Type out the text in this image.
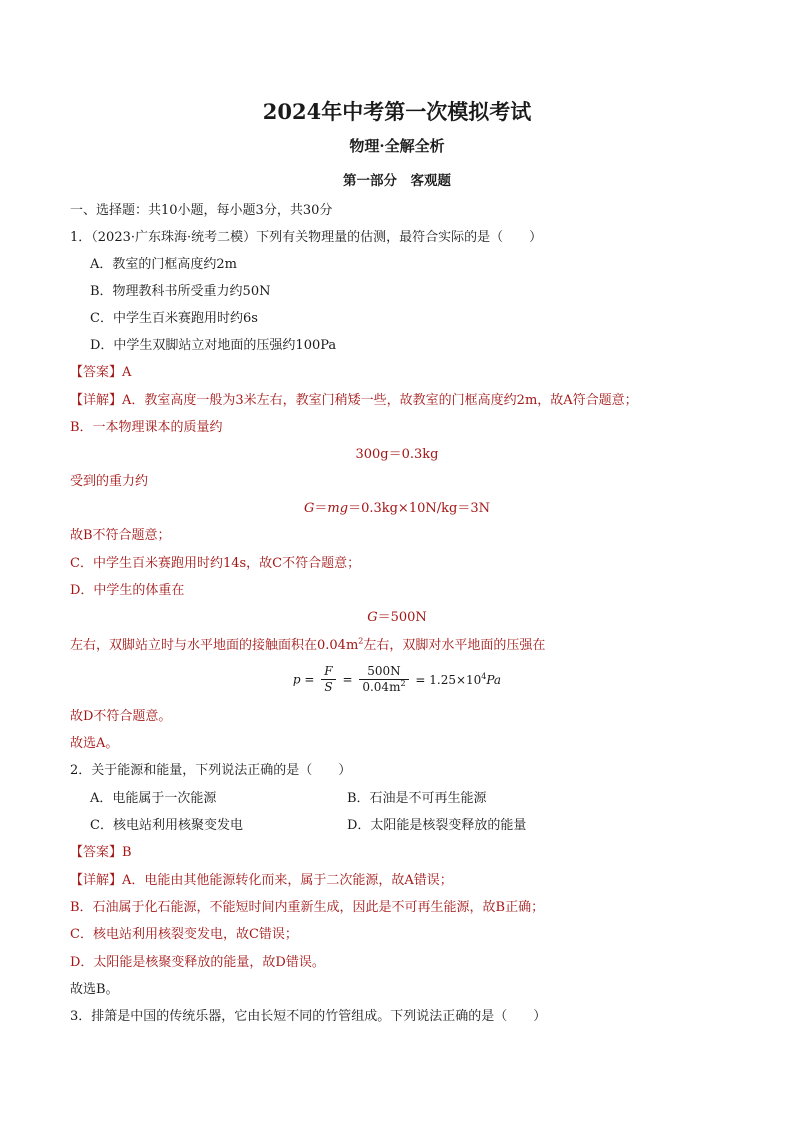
2024年中考第一次模拟考试
物理·全解全析
第一部分　客观题
一、选择题：共10小题，每小题3分，共30分
1．（2023·广东珠海·统考二模）下列有关物理量的估测，最符合实际的是（　　）
A．教室的门框高度约2m
B．物理教科书所受重力约50N
C．中学生百米赛跑用时约6s
D．中学生双脚站立对地面的压强约100Pa
【答案】A
【详解】A．教室高度一般为3米左右，教室门稍矮一些，故教室的门框高度约2m，故A符合题意；
B．一本物理课本的质量约
300g＝0.3kg
受到的重力约
G＝mg＝0.3kg×10N/kg＝3N
故B不符合题意；
C．中学生百米赛跑用时约14s，故C不符合题意；
D．中学生的体重在
G＝500N
左右，双脚站立时与水平地面的接触面积在$0.04m^2$左右，双脚对水平地面的压强在
$p = \frac{F}{S} = \frac{500N}{0.04m^2} = 1.25\times 10^4Pa$
故D不符合题意。
故选A。
2．关于能源和能量，下列说法正确的是（　　）
A．电能属于一次能源	B．石油是不可再生能源
C．核电站利用核聚变发电	D．太阳能是核裂变释放的能量
【答案】B
【详解】A．电能由其他能源转化而来，属于二次能源，故A错误；
B．石油属于化石能源，不能短时间内重新生成，因此是不可再生能源，故B正确；
C．核电站利用核裂变发电，故C错误；
D．太阳能是核聚变释放的能量，故D错误。
故选B。
3．排箫是中国的传统乐器，它由长短不同的竹管组成。下列说法正确的是（　　）
